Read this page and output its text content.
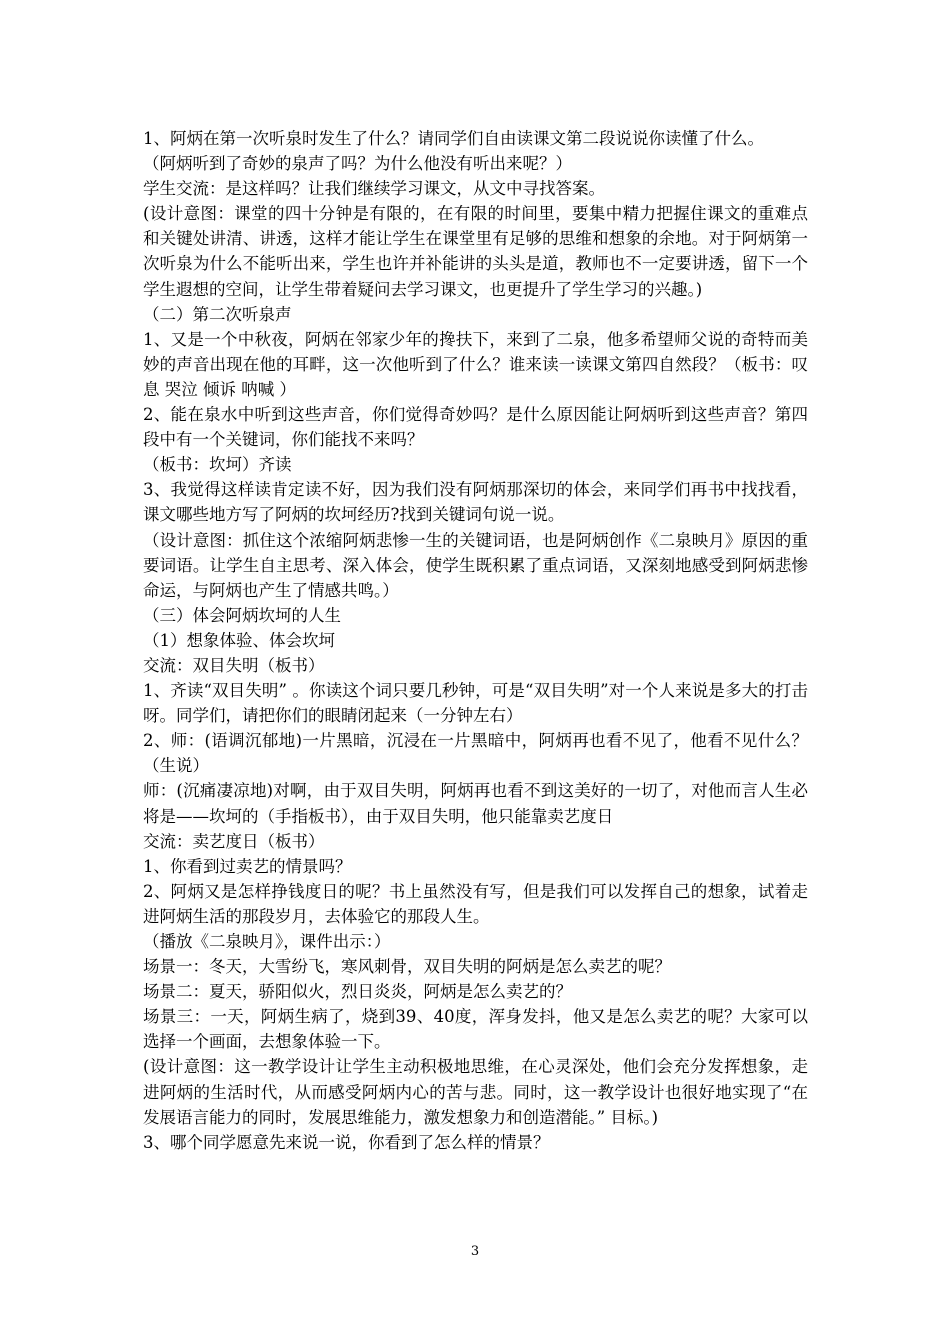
1、阿炳在第一次听泉时发生了什么？请同学们自由读课文第二段说说你读懂了什么。

（阿炳听到了奇妙的泉声了吗？为什么他没有听出来呢？）

学生交流：是这样吗？让我们继续学习课文，从文中寻找答案。

(设计意图：课堂的四十分钟是有限的，在有限的时间里，要集中精力把握住课文的重难点和关键处讲清、讲透，这样才能让学生在课堂里有足够的思维和想象的余地。对于阿炳第一次听泉为什么不能听出来，学生也许并补能讲的头头是道，教师也不一定要讲透，留下一个学生遐想的空间，让学生带着疑问去学习课文，也更提升了学生学习的兴趣。)

（二）第二次听泉声

1、又是一个中秋夜，阿炳在邻家少年的搀扶下，来到了二泉，他多希望师父说的奇特而美妙的声音出现在他的耳畔，这一次他听到了什么？谁来读一读课文第四自然段？（板书：叹息 哭泣 倾诉 呐喊 ）

2、能在泉水中听到这些声音，你们觉得奇妙吗？是什么原因能让阿炳听到这些声音？第四段中有一个关键词，你们能找不来吗？

（板书：坎坷）齐读

3、我觉得这样读肯定读不好，因为我们没有阿炳那深切的体会，来同学们再书中找找看，课文哪些地方写了阿炳的坎坷经历?找到关键词句说一说。

（设计意图：抓住这个浓缩阿炳悲惨一生的关键词语，也是阿炳创作《二泉映月》原因的重要词语。让学生自主思考、深入体会，使学生既积累了重点词语，又深刻地感受到阿炳悲惨命运，与阿炳也产生了情感共鸣。）

（三）体会阿炳坎坷的人生

（1）想象体验、体会坎坷

交流：双目失明（板书）

1、齐读“双目失明” 。你读这个词只要几秒钟，可是“双目失明”对一个人来说是多大的打击呀。同学们，请把你们的眼睛闭起来（一分钟左右）

2、师：(语调沉郁地)一片黑暗，沉浸在一片黑暗中，阿炳再也看不见了，他看不见什么？（生说）

师：(沉痛凄凉地)对啊，由于双目失明，阿炳再也看不到这美好的一切了，对他而言人生必将是——坎坷的（手指板书），由于双目失明，他只能靠卖艺度日

交流：卖艺度日（板书）

1、你看到过卖艺的情景吗？

2、阿炳又是怎样挣钱度日的呢？书上虽然没有写，但是我们可以发挥自己的想象，试着走进阿炳生活的那段岁月，去体验它的那段人生。

（播放《二泉映月》，课件出示：）

场景一：冬天，大雪纷飞，寒风刺骨，双目失明的阿炳是怎么卖艺的呢？

场景二：夏天，骄阳似火，烈日炎炎，阿炳是怎么卖艺的？

场景三：一天，阿炳生病了，烧到39、40度，浑身发抖，他又是怎么卖艺的呢？大家可以选择一个画面，去想象体验一下。

(设计意图：这一教学设计让学生主动积极地思维，在心灵深处，他们会充分发挥想象，走进阿炳的生活时代，从而感受阿炳内心的苦与悲。同时，这一教学设计也很好地实现了“在发展语言能力的同时，发展思维能力，激发想象力和创造潜能。” 目标。)

3、哪个同学愿意先来说一说，你看到了怎么样的情景？

3
